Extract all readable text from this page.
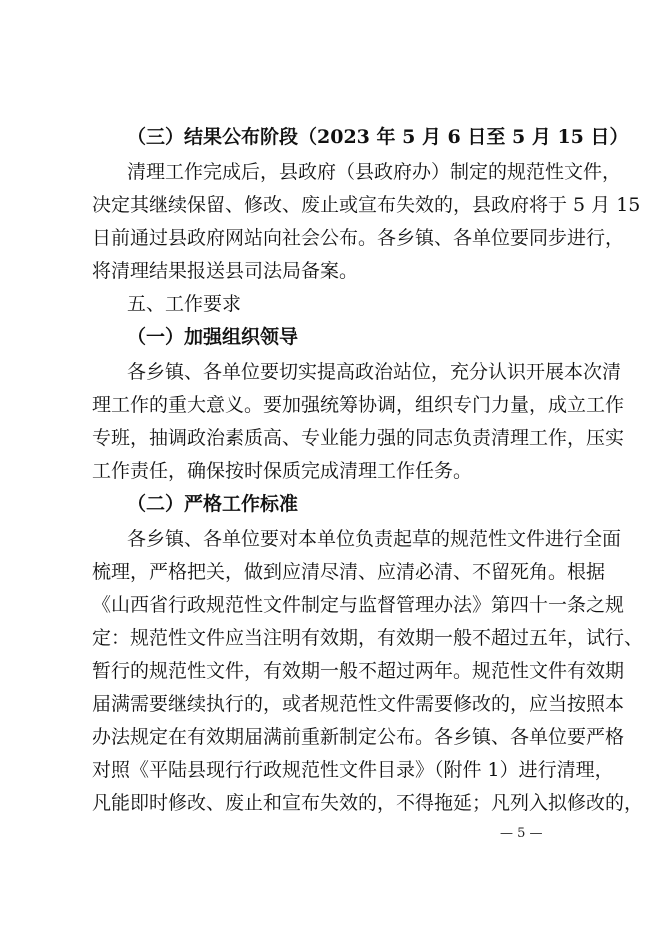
（三）结果公布阶段（2023 年 5 月 6 日至 5 月 15 日）
清理工作完成后，县政府（县政府办）制定的规范性文件，
决定其继续保留、修改、废止或宣布失效的，县政府将于 5 月 15
日前通过县政府网站向社会公布。各乡镇、各单位要同步进行，
将清理结果报送县司法局备案。
五、工作要求
（一）加强组织领导
各乡镇、各单位要切实提高政治站位，充分认识开展本次清
理工作的重大意义。要加强统筹协调，组织专门力量，成立工作
专班，抽调政治素质高、专业能力强的同志负责清理工作，压实
工作责任，确保按时保质完成清理工作任务。
（二）严格工作标准
各乡镇、各单位要对本单位负责起草的规范性文件进行全面
梳理，严格把关，做到应清尽清、应清必清、不留死角。根据
《山西省行政规范性文件制定与监督管理办法》第四十一条之规
定：规范性文件应当注明有效期，有效期一般不超过五年，试行、
暂行的规范性文件，有效期一般不超过两年。规范性文件有效期
届满需要继续执行的，或者规范性文件需要修改的，应当按照本
办法规定在有效期届满前重新制定公布。各乡镇、各单位要严格
对照《平陆县现行行政规范性文件目录》（附件 1）进行清理，
凡能即时修改、废止和宣布失效的，不得拖延；凡列入拟修改的，
— 5 —
